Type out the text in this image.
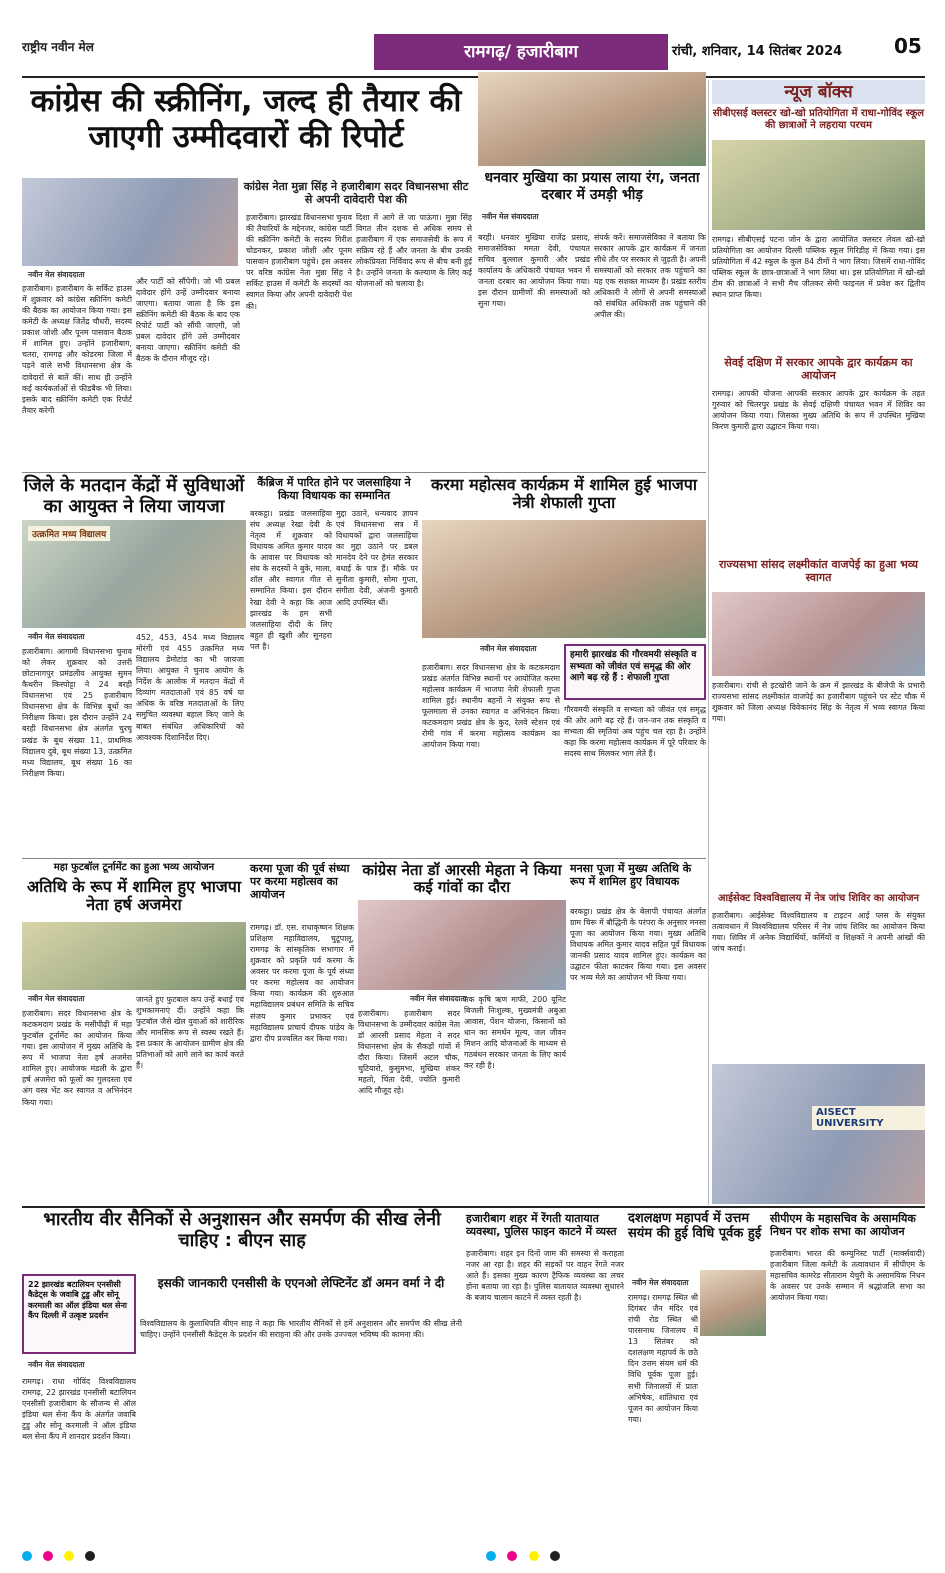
राष्ट्रीय नवीन मेल	रामगढ़/ हजारीबाग	रांची, शनिवार, 14 सितंबर 2024	05
कांग्रेस की स्क्रीनिंग, जल्द ही तैयार की जाएगी उम्मीदवारों की रिपोर्ट
नवीन मेल संवाददाता
कांग्रेस नेता मुन्ना सिंह ने हजारीबाग सदर विधानसभा सीट से अपनी दावेदारी पेश की
हजारीबाग। हजारीबाग के सर्किट हाउस में शुक्रवार को कांग्रेस स्क्रीनिंग कमेटी की बैठक का आयोजन किया गया। इस कमेटी के अध्यक्ष जितेंद्र चौधरी, सदस्य प्रकाश जोशी और पूनम पासवान बैठक में शामिल हुए। उन्होंने हजारीबाग, चतरा, रामगढ़ और कोडरमा जिला में पड़ने वाले सभी विधानसभा क्षेत्र के दावेदारों से बातें कीं। साथ ही उन्होंने कई कार्यकर्ताओं से फीडबैक भी लिया। इसके बाद स्क्रीनिंग कमेटी एक रिपोर्ट तैयार करेगी
और पार्टी को सौंपेगी। जो भी प्रबल दावेदार होंगे उन्हें उम्मीदवार बनाया जाएगा। बताया जाता है कि इस स्क्रीनिंग कमेटी की बैठक के बाद एक रिपोर्ट पार्टी को सौंपी जाएगी, जो प्रबल दावेदार होंगे उसे उम्मीदवार बनाया जाएगा। स्क्रीनिंग कमेटी की बैठक के दौरान मौजूद रहे।
हजारीबाग। झारखंड विधानसभा चुनाव की तैयारियों के मद्देनजर, कांग्रेस पार्टी की स्क्रीनिंग कमेटी के सदस्य गिरीश चोडनकर, प्रकाश जोशी और पूनम पासवान हजारीबाग पहुंचे। इस अवसर पर वरिष्ठ कांग्रेस नेता मुन्ना सिंह ने सर्किट हाउस में कमेटी के सदस्यों का स्वागत किया और अपनी दावेदारी पेश की।
दिशा में आगे ले जा पाऊंगा। मुन्ना सिंह विगत तीन दशक से अधिक समय से हजारीबाग में एक समाजसेवी के रूप में सक्रिय रहे हैं और जनता के बीच उनकी लोकप्रियता निर्विवाद रूप से बीच बनी हुई है। उन्होंने जनता के कल्याण के लिए कई योजनाओं को चलाया है।
धनवार मुखिया का प्रयास लाया रंग, जनता दरबार में उमड़ी भीड़
नवीन मेल संवाददाता
बरही। धनवार मुखिया राजेंद्र प्रसाद, समाजसेविका ममता देवी, पंचायत सचिव बुल्लाल कुमारी और प्रखंड कार्यालय के अधिकारी पंचायत भवन में जनता दरबार का आयोजन किया गया। इस दौरान ग्रामीणों की समस्याओं को सुना गया।
संपर्क करें। समाजसेविका ने बताया कि सरकार आपके द्वार कार्यक्रम में जनता सीधे तौर पर सरकार से जुड़ती है। अपनी समस्याओं को सरकार तक पहुंचाने का यह एक सशक्त माध्यम है। प्रखंड स्तरीय अधिकारी ने लोगों से अपनी समस्याओं को संबंधित अधिकारी तक पहुंचाने की अपील की।
न्यूज बॉक्स
सीबीएसई क्लस्टर खो-खो प्रतियोगिता में राधा-गोविंद स्कूल की छात्राओं ने लहराया परचम
रामगढ़। सीबीएसई पटना जोन के द्वारा आयोजित क्लस्टर लेवल खो-खो प्रतियोगिता का आयोजन दिल्ली पब्लिक स्कूल गिरिडीह में किया गया। इस प्रतियोगिता में 42 स्कूल के कुल 84 टीमों ने भाग लिया। जिसमें राधा-गोविंद पब्लिक स्कूल के छात्र-छात्राओं ने भाग लिया था। इस प्रतियोगिता में खो-खो टीम की छात्राओं ने सभी मैच जीतकर सेमी फाइनल में प्रवेश कर द्वितीय स्थान प्राप्त किया।
सेवई दक्षिण में सरकार आपके द्वार कार्यक्रम का आयोजन
रामगढ़। आपकी योजना आपकी सरकार आपके द्वार कार्यक्रम के तहत गुरुवार को चितरपुर प्रखंड के सेवई दक्षिणी पंचायत भवन में शिविर का आयोजन किया गया। जिसका मुख्य अतिथि के रूप में उपस्थित मुखिया किरण कुमारी द्वारा उद्घाटन किया गया।
राज्यसभा सांसद लक्ष्मीकांत वाजपेई का हुआ भव्य स्वागत
हजारीबाग। रांची से इटखोरी जाने के क्रम में झारखंड के बीजेपी के प्रभारी राज्यसभा सांसद लक्ष्मीकांत वाजपेई का हजारीबाग पहुंचने पर स्टेट चौक में शुक्रवार को जिला अध्यक्ष विवेकानंद सिंह के नेतृत्व में भव्य स्वागत किया गया।
आईसेक्ट विश्वविद्यालय में नेत्र जांच शिविर का आयोजन
हजारीबाग। आईसेक्ट विश्वविद्यालय व टाइटन आई प्लस के संयुक्त तत्वावधान में विश्वविद्यालय परिसर में नेत्र जांच शिविर का आयोजन किया गया। शिविर में अनेक विद्यार्थियों, कर्मियों व शिक्षकों ने अपनी आंखों की जांच कराई।
AISECT UNIVERSITY
जिले के मतदान केंद्रों में सुविधाओं का आयुक्त ने लिया जायजा
उत्क्रमित मध्य विद्यालय
नवीन मेल संवाददाता
हजारीबाग। आगामी विधानसभा चुनाव को लेकर शुक्रवार को उत्तरी छोटानागपुर प्रमंडलीय आयुक्त सुमन कैथरीन किस्पोट्टा ने 24 बरही विधानसभा एवं 25 हजारीबाग विधानसभा क्षेत्र के विभिन्न बूथों का निरीक्षण किया। इस दौरान उन्होंने 24 बरही विधानसभा क्षेत्र अंतर्गत चुरचू प्रखंड के बूथ संख्या 11, प्राथमिक विद्यालय दुबे, बूथ संख्या 13, उत्क्रमित मध्य विद्यालय, बूथ संख्या 16 का निरीक्षण किया।
452, 453, 454 मध्य विद्यालय मोरंगी एवं 455 उत्क्रमित मध्य विद्यालय डेमोटांड का भी जायजा लिया। आयुक्त ने चुनाव आयोग के निर्देश के आलोक में मतदान केंद्रों में दिव्यांग मतदाताओं एवं 85 वर्ष या अधिक के वरिष्ठ मतदाताओं के लिए समुचित व्यवस्था बहाल किए जाने के बाबत संबंधित अधिकारियों को आवश्यक दिशानिर्देश दिए।
कैंब्रिज में पारित होने पर जलसाहिया ने किया विधायक का सम्मानित
बरकट्ठा। प्रखंड जलसाहिया संघ अध्यक्ष रेखा देवी के नेतृत्व में शुक्रवार को विधायक अमित कुमार यादव के आवास पर विधायक को संघ के सदस्यों ने बुके, माला, शॉल और स्वागत गीत से सम्मानित किया। इस दौरान रेखा देवी ने कहा कि आज झारखंड के हम सभी जलसाहिया दीदी के लिए बहुत ही खुशी और सुनहरा पल है।
मुद्दा उठाने, धन्यवाद ज्ञापन एवं विधानसभा सत्र में विधायकों द्वारा जलसाहिया का मुद्दा उठाने पर डबल मानदेय देने पर हेमंत सरकार बधाई के पात्र हैं। मौके पर सुनीता कुमारी, सोमा गुप्ता, संगीता देवी, अंजनी कुमारी आदि उपस्थित थीं।
करमा महोत्सव कार्यक्रम में शामिल हुई भाजपा नेत्री शेफाली गुप्ता
नवीन मेल संवाददाता
हमारी झारखंड की गौरवमयी संस्कृति व सभ्यता को जीवंत एवं समृद्ध की ओर आगे बढ़ रहे हैं : शेफाली गुप्ता
हजारीबाग। सदर विधानसभा क्षेत्र के कटकमदाग प्रखंड अंतर्गत विभिन्न स्थानों पर आयोजित करमा महोत्सव कार्यक्रम में भाजपा नेत्री शेफाली गुप्ता शामिल हुई। स्थानीय बहनों ने संयुक्त रूप से फूलमाला से उनका स्वागत व अभिनंदन किया। कटकमदाग प्रखंड क्षेत्र के कुद, रेलवे स्टेशन एवं रोमी गांव में करमा महोत्सव कार्यक्रम का आयोजन किया गया।
गौरवमयी संस्कृति व सभ्यता को जीवंत एवं समृद्ध की ओर आगे बढ़ रहे हैं। जन-जन तक संस्कृति व सभ्यता की स्मृतियां अब पहुंच चल रहा है। उन्होंने कहा कि करमा महोत्सव कार्यक्रम में पूरे परिवार के सदस्य साथ मिलकर भाग लेते हैं।
महा फुटबॉल टूर्नामेंट का हुआ भव्य आयोजन
अतिथि के रूप में शामिल हुए भाजपा नेता हर्ष अजमेरा
नवीन मेल संवाददाता
हजारीबाग। सदर विधानसभा क्षेत्र के कटकमदाग प्रखंड के मसीपीढ़ी में महा फुटबॉल टूर्नामेंट का आयोजन किया गया। इस आयोजन में मुख्य अतिथि के रूप में भाजपा नेता हर्ष अजमेरा शामिल हुए। आयोजक मंडली के द्वारा हर्ष अजमेरा को फूलों का गुलदस्ता एवं अंग वस्त्र भेंट कर स्वागत व अभिनंदन किया गया।
जानते हुए फुटबाल कप उन्हें बधाई एवं शुभकामनाएं दीं। उन्होंने कहा कि फुटबॉल जैसे खेल युवाओं को शारीरिक और मानसिक रूप से स्वस्थ रखते हैं। इस प्रकार के आयोजन ग्रामीण क्षेत्र की प्रतिभाओं को आगे लाने का कार्य करते हैं।
करमा पूजा की पूर्व संध्या पर करमा महोत्सव का आयोजन
रामगढ़। डॉ. एस. राधाकृष्णन शिक्षक प्रशिक्षण महाविद्यालय, चुटूपालू, रामगढ़ के सांस्कृतिक सभागार में शुक्रवार को प्रकृति पर्व करमा के अवसर पर करमा पूजा के पूर्व संध्या पर करमा महोत्सव का आयोजन किया गया। कार्यक्रम की शुरुआत महाविद्यालय प्रबंधन समिति के सचिव संजय कुमार प्रभाकर एवं महाविद्यालय प्राचार्य दीपक पांडेय के द्वारा दीप प्रज्वलित कर किया गया।
कांग्रेस नेता डॉ आरसी मेहता ने किया कई गांवों का दौरा
नवीन मेल संवाददाता
हजारीबाग। हजारीबाग सदर विधानसभा के उम्मीदवार कांग्रेस नेता डॉ आरसी प्रसाद मेहता ने सदर विधानसभा क्षेत्र के सैकड़ों गांवों में दौरा किया। जिसमें अटल चौक, चुटियारो, कुसुमभा, मुखिया शंकर महतो, चिंता देवी, ज्योति कुमारी आदि मौजूद रहे।
तक कृषि ऋण माफी, 200 यूनिट बिजली निःशुल्क, मुख्यमंत्री अबुआ आवास, पेंशन योजना, किसानों को धान का समर्थन मूल्य, जल जीवन मिशन आदि योजनाओं के माध्यम से गठबंधन सरकार जनता के लिए कार्य कर रही है।
मनसा पूजा में मुख्य अतिथि के रूप में शामिल हुए विधायक
बरकट्ठा। प्रखंड क्षेत्र के बेलापी पंचायत अंतर्गत ग्राम चिरू में बौद्धिनी के परंपरा के अनुसार मनसा पूजा का आयोजन किया गया। मुख्य अतिथि विधायक अमित कुमार यादव सहित पूर्व विधायक जानकी प्रसाद यादव शामिल हुए। कार्यक्रम का उद्घाटन फीता काटकर किया गया। इस अवसर पर भव्य मेले का आयोजन भी किया गया।
भारतीय वीर सैनिकों से अनुशासन और समर्पण की सीख लेनी चाहिए : बीएन साह
22 झारखंड बटालियन एनसीसी कैडेट्स के जवाबि टुडु और सोनू करमाली का ऑल इंडिया थल सेना कैंप दिल्ली में उत्कृष्ट प्रदर्शन
नवीन मेल संवाददाता
रामगढ़। राधा गोविंद विश्वविद्यालय रामगढ़, 22 झारखंड एनसीसी बटालियन एनसीसी हजारीबाग के सौजन्य से ऑल इंडिया थल सेना कैंप के अंतर्गत जवाबि टुडु और सोनू करमाली ने ऑल इंडिया थल सेना कैंप में शानदार प्रदर्शन किया।
इसकी जानकारी एनसीसी के एएनओ लेफ्टिनेंट डॉ अमन वर्मा ने दी
विश्वविद्यालय के कुलाधिपति बीएन साह ने कहा कि भारतीय सैनिकों से हमें अनुशासन और समर्पण की सीख लेनी चाहिए। उन्होंने एनसीसी कैडेट्स के प्रदर्शन की सराहना की और उनके उज्ज्वल भविष्य की कामना की।
हजारीबाग शहर में रेंगती यातायात व्यवस्था, पुलिस फाइन काटने में व्यस्त
हजारीबाग। शहर इन दिनों जाम की समस्या से कराहता नजर आ रहा है। शहर की सड़कों पर वाहन रेंगते नजर आते हैं। इसका मुख्य कारण ट्रैफिक व्यवस्था का लचर होना बताया जा रहा है। पुलिस यातायात व्यवस्था सुधारने के बजाय चालान काटने में व्यस्त रहती है।
दशलक्षण महापर्व में उत्तम सयंम की हुई विधि पूर्वक हुई
नवीन मेल संवाददाता
रामगढ़। रामगढ़ स्थित श्री दिगंबर जैन मंदिर एवं रांची रोड स्थित श्री पारसनाथ जिनालय में 13 सितंबर को दशलक्षण महापर्व के छठे दिन उत्तम संयम धर्म की विधि पूर्वक पूजा हुई। सभी जिनालयों में प्रातः अभिषेक, शांतिधारा एवं पूजन का आयोजन किया गया।
सीपीएम के महासचिव के असामयिक निधन पर शोक सभा का आयोजन
हजारीबाग। भारत की कम्युनिस्ट पार्टी (मार्क्सवादी) हजारीबाग जिला कमेटी के तत्वावधान में सीपीएम के महासचिव कामरेड सीताराम येचुरी के असामयिक निधन के अवसर पर उनके सम्मान में श्रद्धांजलि सभा का आयोजन किया गया।
